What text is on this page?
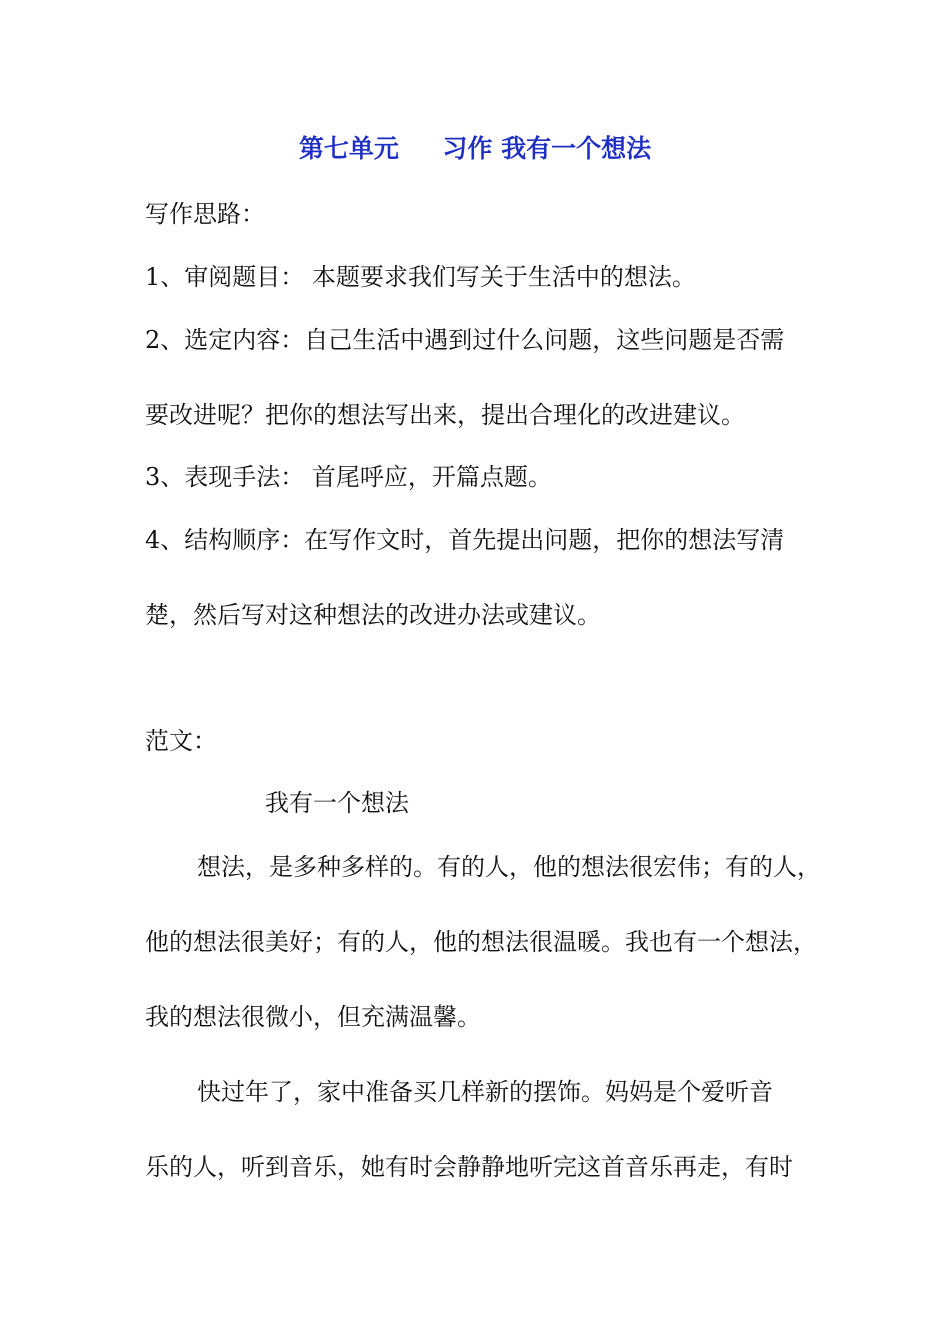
第七单元     习作 我有一个想法
写作思路：
1、审阅题目： 本题要求我们写关于生活中的想法。
2、选定内容：自己生活中遇到过什么问题，这些问题是否需
要改进呢？把你的想法写出来，提出合理化的改进建议。
3、表现手法： 首尾呼应，开篇点题。
4、结构顺序：在写作文时，首先提出问题，把你的想法写清
楚，然后写对这种想法的改进办法或建议。
范文：
我有一个想法
想法，是多种多样的。有的人，他的想法很宏伟；有的人，
他的想法很美好；有的人，他的想法很温暖。我也有一个想法，
我的想法很微小，但充满温馨。
快过年了，家中准备买几样新的摆饰。妈妈是个爱听音
乐的人，听到音乐，她有时会静静地听完这首音乐再走，有时
